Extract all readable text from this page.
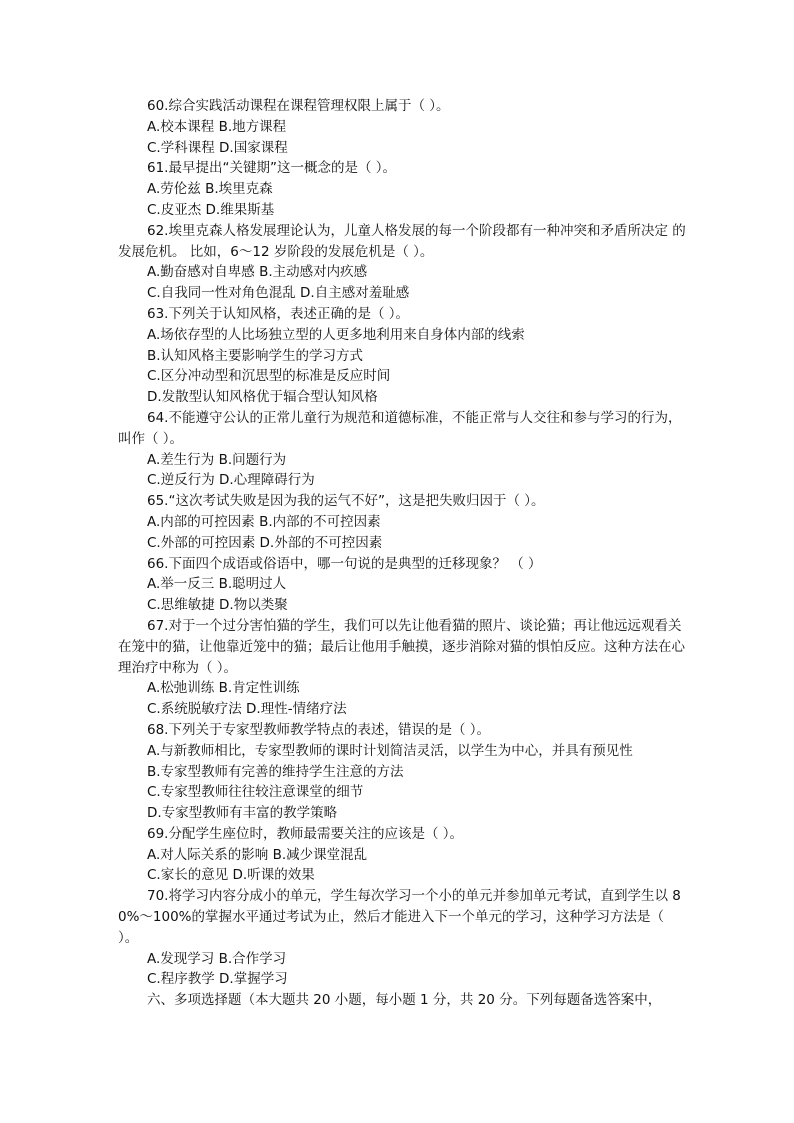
60.综合实践活动课程在课程管理权限上属于（ ）。
A.校本课程 B.地方课程
C.学科课程 D.国家课程
61.最早提出“关键期”这一概念的是（ ）。
A.劳伦兹 B.埃里克森
C.皮亚杰 D.维果斯基
62.埃里克森人格发展理论认为，儿童人格发展的每一个阶段都有一种冲突和矛盾所决定 的发展危机。 比如，6～12 岁阶段的发展危机是（ ）。
A.勤奋感对自卑感 B.主动感对内疚感
C.自我同一性对角色混乱 D.自主感对羞耻感
63.下列关于认知风格，表述正确的是（ ）。
A.场依存型的人比场独立型的人更多地利用来自身体内部的线索
B.认知风格主要影响学生的学习方式
C.区分冲动型和沉思型的标准是反应时间
D.发散型认知风格优于辐合型认知风格
64.不能遵守公认的正常儿童行为规范和道德标准，不能正常与人交往和参与学习的行为，叫作（ ）。
A.差生行为 B.问题行为
C.逆反行为 D.心理障碍行为
65.“这次考试失败是因为我的运气不好”，这是把失败归因于（ ）。
A.内部的可控因素 B.内部的不可控因素
C.外部的可控因素 D.外部的不可控因素
66.下面四个成语或俗语中，哪一句说的是典型的迁移现象？ （ ）
A.举一反三 B.聪明过人
C.思维敏捷 D.物以类聚
67.对于一个过分害怕猫的学生，我们可以先让他看猫的照片、谈论猫；再让他远远观看关 在笼中的猫，让他靠近笼中的猫；最后让他用手触摸，逐步消除对猫的惧怕反应。这种方法在心 理治疗中称为（ ）。
A.松弛训练 B.肯定性训练
C.系统脱敏疗法 D.理性-情绪疗法
68.下列关于专家型教师教学特点的表述，错误的是（ ）。
A.与新教师相比，专家型教师的课时计划简洁灵活，以学生为中心，并具有预见性
B.专家型教师有完善的维持学生注意的方法
C.专家型教师往往较注意课堂的细节
D.专家型教师有丰富的教学策略
69.分配学生座位时，教师最需要关注的应该是（ ）。
A.对人际关系的影响 B.减少课堂混乱
C.家长的意见 D.听课的效果
70.将学习内容分成小的单元，学生每次学习一个小的单元并参加单元考试，直到学生以 80%～100%的掌握水平通过考试为止，然后才能进入下一个单元的学习，这种学习方法是（ ）。
A.发现学习 B.合作学习
C.程序教学 D.掌握学习
六、多项选择题（本大题共 20 小题，每小题 1 分，共 20 分。下列每题备选答案中，
